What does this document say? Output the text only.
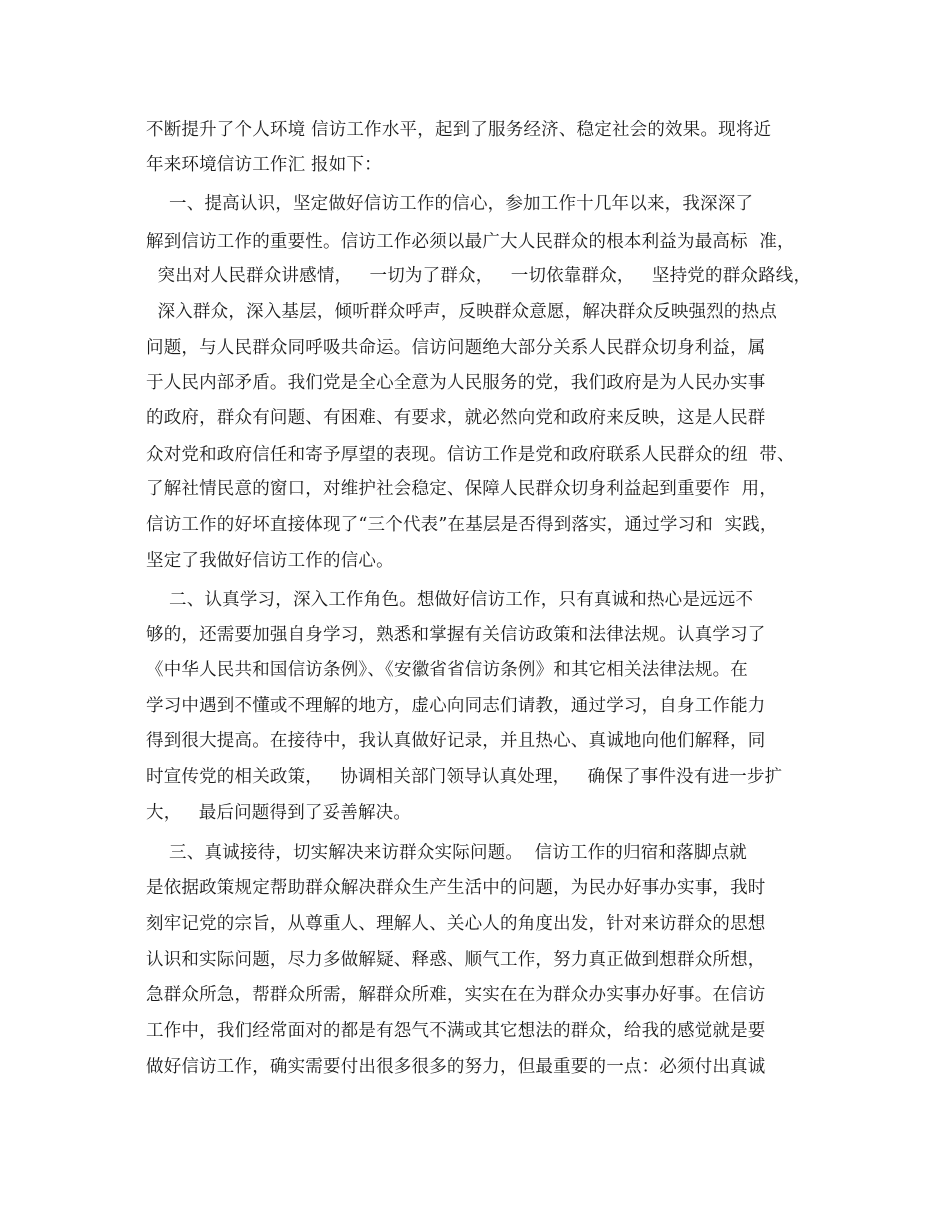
不断提升了个人环境 信访工作水平，起到了服务经济、稳定社会的效果。现将近
年来环境信访工作汇 报如下：
一、提高认识，坚定做好信访工作的信心，参加工作十几年以来，我深深了
解到信访工作的重要性。信访工作必须以最广大人民群众的根本利益为最高标  准，
突出对人民群众讲感情，   一切为了群众，   一切依靠群众，   坚持党的群众路线，
深入群众，深入基层，倾听群众呼声，反映群众意愿，解决群众反映强烈的热点
问题，与人民群众同呼吸共命运。信访问题绝大部分关系人民群众切身利益，属
于人民内部矛盾。我们党是全心全意为人民服务的党，我们政府是为人民办实事
的政府，群众有问题、有困难、有要求，就必然向党和政府来反映，这是人民群
众对党和政府信任和寄予厚望的表现。信访工作是党和政府联系人民群众的纽  带、
了解社情民意的窗口，对维护社会稳定、保障人民群众切身利益起到重要作  用，
信访工作的好坏直接体现了“三个代表”在基层是否得到落实，通过学习和  实践，
坚定了我做好信访工作的信心。
二、认真学习，深入工作角色。想做好信访工作，只有真诚和热心是远远不
够的，还需要加强自身学习，熟悉和掌握有关信访政策和法律法规。认真学习了
《中华人民共和国信访条例》、《安徽省省信访条例》和其它相关法律法规。在
学习中遇到不懂或不理解的地方，虚心向同志们请教，通过学习，自身工作能力
得到很大提高。在接待中，我认真做好记录，并且热心、真诚地向他们解释，同
时宣传党的相关政策，   协调相关部门领导认真处理，   确保了事件没有进一步扩
大，   最后问题得到了妥善解决。
三、真诚接待，切实解决来访群众实际问题。  信访工作的归宿和落脚点就
是依据政策规定帮助群众解决群众生产生活中的问题，为民办好事办实事，我时
刻牢记党的宗旨，从尊重人、理解人、关心人的角度出发，针对来访群众的思想
认识和实际问题，尽力多做解疑、释惑、顺气工作，努力真正做到想群众所想，
急群众所急，帮群众所需，解群众所难，实实在在为群众办实事办好事。在信访
工作中，我们经常面对的都是有怨气不满或其它想法的群众，给我的感觉就是要
做好信访工作，确实需要付出很多很多的努力，但最重要的一点：必须付出真诚
